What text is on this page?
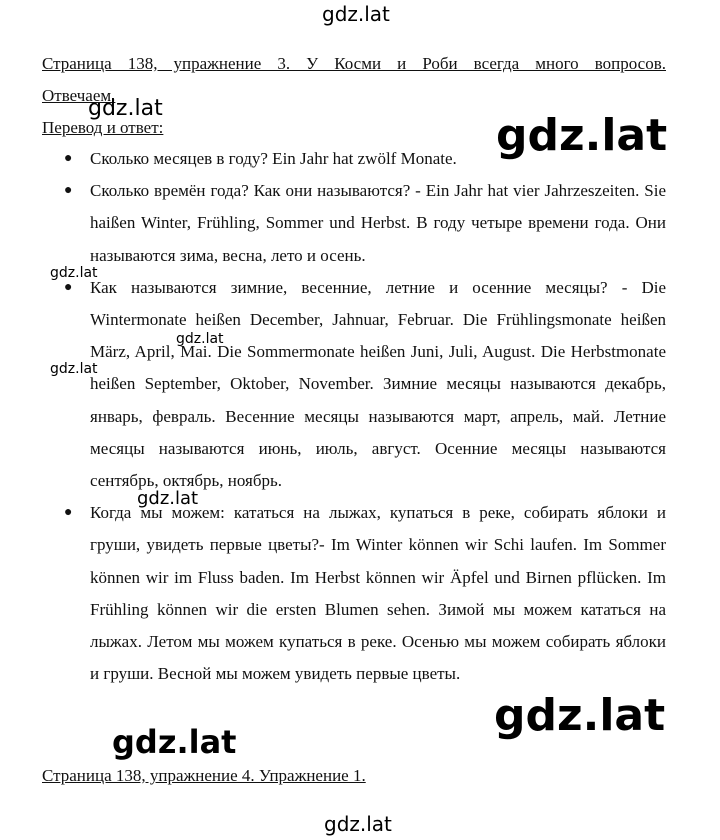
Страница 138, упражнение 3. У Косми и Роби всегда много вопросов.

Отвечаем.

Перевод и ответ:

● Сколько месяцев в году? Ein Jahr hat zwölf Monate.
● Сколько времён года? Как они называются? - Ein Jahr hat vier Jahrzeszeiten. Sie haißen Winter, Frühling, Sommer und Herbst. В году четыре времени года. Они называются зима, весна, лето и осень.
● Как называются зимние, весенние, летние и осенние месяцы? - Die Wintermonate heißen December, Jahnuar, Februar. Die Frühlingsmonate heißen März, April, Mai. Die Sommermonate heißen Juni, Juli, August. Die Herbstmonate heißen September, Oktober, November. Зимние месяцы называются декабрь, январь, февраль. Весенние месяцы называются март, апрель, май. Летние месяцы называются июнь, июль, август. Осенние месяцы называются сентябрь, октябрь, ноябрь.
● Когда мы можем: кататься на лыжах, купаться в реке, собирать яблоки и груши, увидеть первые цветы?- Im Winter können wir Schi laufen. Im Sommer können wir im Fluss baden. Im Herbst können wir Äpfel und Birnen pflücken. Im Frühling können wir die ersten Blumen sehen. Зимой мы можем кататься на лыжах. Летом мы можем купаться в реке. Осенью мы можем собирать яблоки и груши. Весной мы можем увидеть первые цветы.

Страница 138, упражнение 4. Упражнение 1.

gdz.lat
gdz.lat
gdz.lat
gdz.lat
gdz.lat
gdz.lat
gdz.lat
gdz.lat
gdz.lat
gdz.lat
